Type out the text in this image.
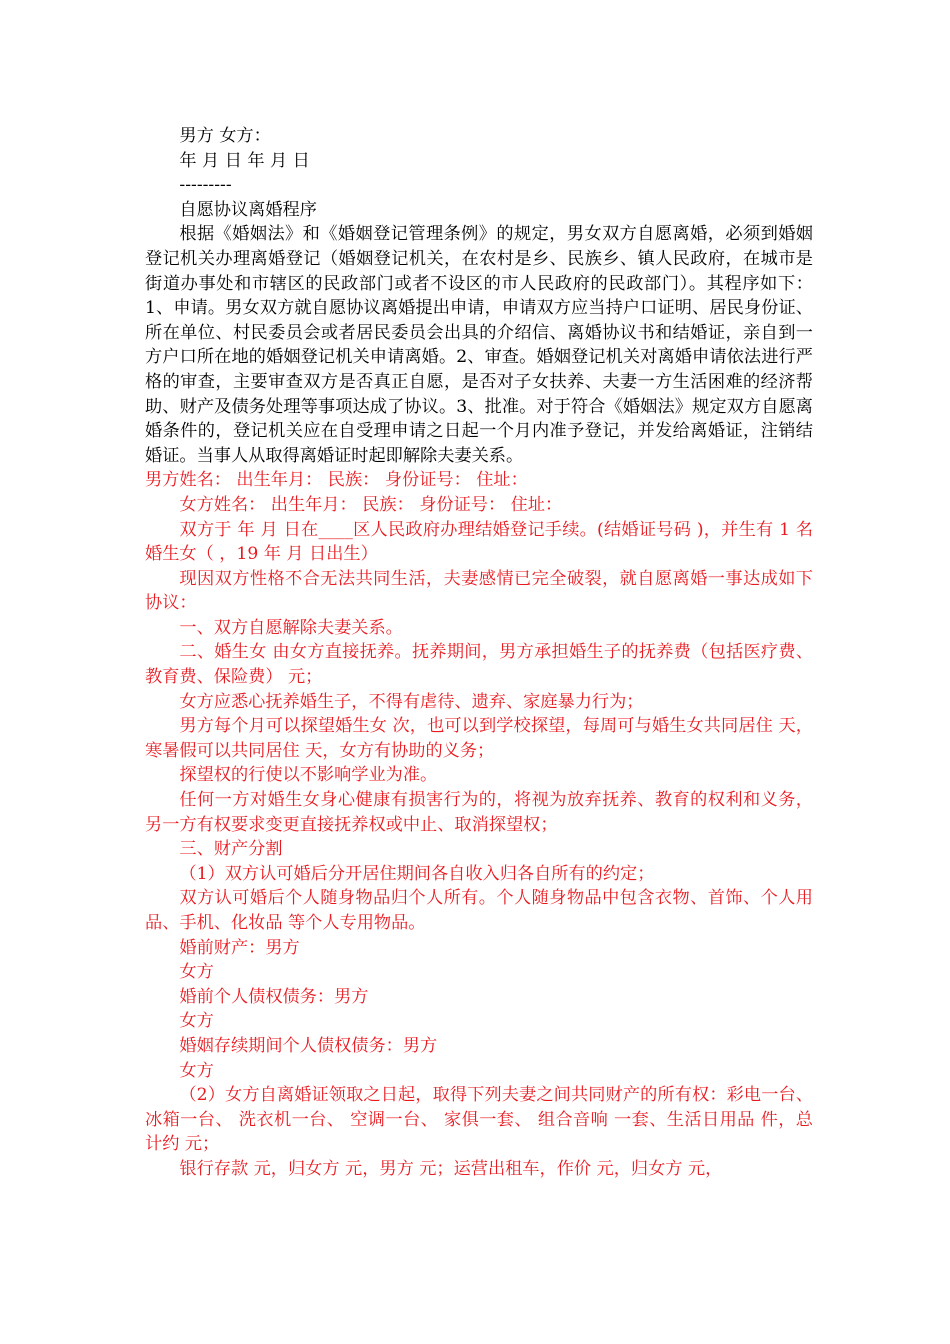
男方 女方：

年 月 日 年 月 日

---------

自愿协议离婚程序

根据《婚姻法》和《婚姻登记管理条例》的规定，男女双方自愿离婚，必须到婚姻登记机关办理离婚登记（婚姻登记机关，在农村是乡、民族乡、镇人民政府，在城市是街道办事处和市辖区的民政部门或者不设区的市人民政府的民政部门）。其程序如下：1、申请。男女双方就自愿协议离婚提出申请，申请双方应当持户口证明、居民身份证、所在单位、村民委员会或者居民委员会出具的介绍信、离婚协议书和结婚证，亲自到一方户口所在地的婚姻登记机关申请离婚。2、审查。婚姻登记机关对离婚申请依法进行严格的审查，主要审查双方是否真正自愿，是否对子女扶养、夫妻一方生活困难的经济帮助、财产及债务处理等事项达成了协议。3、批准。对于符合《婚姻法》规定双方自愿离婚条件的，登记机关应在自受理申请之日起一个月内准予登记，并发给离婚证，注销结婚证。当事人从取得离婚证时起即解除夫妻关系。

男方姓名： 出生年月： 民族： 身份证号： 住址：

女方姓名： 出生年月： 民族： 身份证号： 住址：

双方于 年 月 日在____区人民政府办理结婚登记手续。(结婚证号码 )，并生有 1 名婚生女（ ，19 年 月 日出生）

现因双方性格不合无法共同生活，夫妻感情已完全破裂，就自愿离婚一事达成如下协议：

一、双方自愿解除夫妻关系。

二、婚生女 由女方直接抚养。抚养期间，男方承担婚生子的抚养费（包括医疗费、教育费、保险费） 元；

女方应悉心抚养婚生子，不得有虐待、遗弃、家庭暴力行为；

男方每个月可以探望婚生女 次，也可以到学校探望，每周可与婚生女共同居住 天，寒暑假可以共同居住 天，女方有协助的义务；

探望权的行使以不影响学业为准。

任何一方对婚生女身心健康有损害行为的，将视为放弃抚养、教育的权利和义务，另一方有权要求变更直接抚养权或中止、取消探望权；

三、财产分割

（1）双方认可婚后分开居住期间各自收入归各自所有的约定；

双方认可婚后个人随身物品归个人所有。个人随身物品中包含衣物、首饰、个人用品、手机、化妆品 等个人专用物品。

婚前财产：男方

女方

婚前个人债权债务：男方

女方

婚姻存续期间个人债权债务：男方

女方

（2）女方自离婚证领取之日起，取得下列夫妻之间共同财产的所有权：彩电一台、 冰箱一台、 洗衣机一台、 空调一台、 家俱一套、 组合音响 一套、生活日用品 件，总计约 元；

银行存款 元，归女方 元，男方 元；运营出租车，作价 元，归女方 元，
